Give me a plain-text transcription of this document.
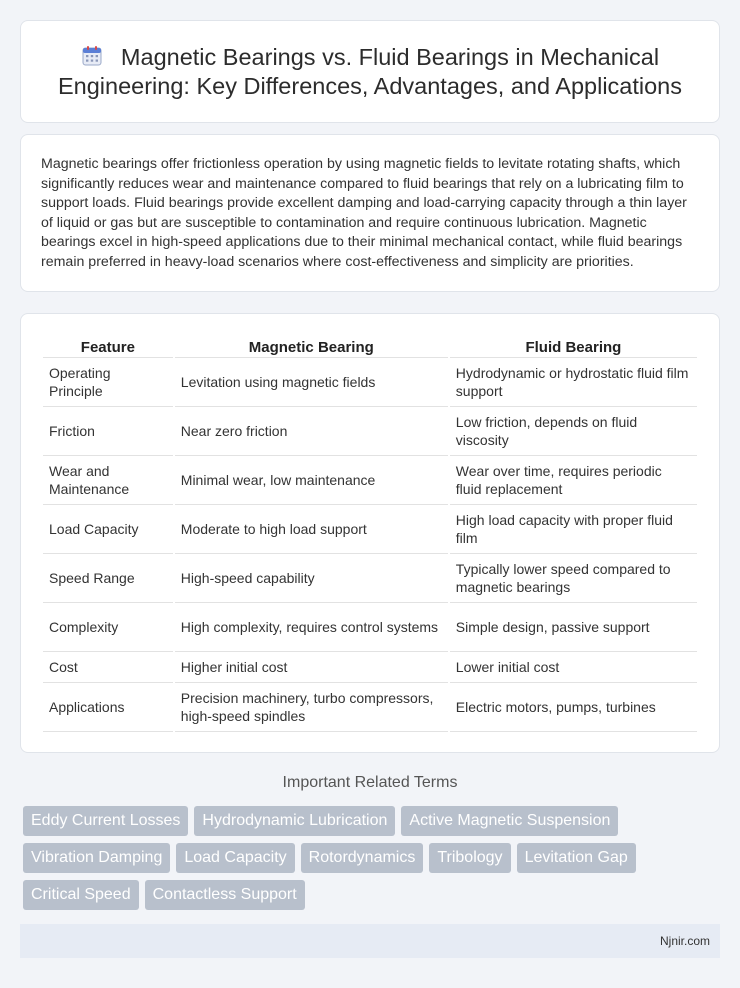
Magnetic Bearings vs. Fluid Bearings in Mechanical Engineering: Key Differences, Advantages, and Applications

Magnetic bearings offer frictionless operation by using magnetic fields to levitate rotating shafts, which significantly reduces wear and maintenance compared to fluid bearings that rely on a lubricating film to support loads. Fluid bearings provide excellent damping and load-carrying capacity through a thin layer of liquid or gas but are susceptible to contamination and require continuous lubrication. Magnetic bearings excel in high-speed applications due to their minimal mechanical contact, while fluid bearings remain preferred in heavy-load scenarios where cost-effectiveness and simplicity are priorities.

Feature	Magnetic Bearing	Fluid Bearing
Operating Principle	Levitation using magnetic fields	Hydrodynamic or hydrostatic fluid film support
Friction	Near zero friction	Low friction, depends on fluid viscosity
Wear and Maintenance	Minimal wear, low maintenance	Wear over time, requires periodic fluid replacement
Load Capacity	Moderate to high load support	High load capacity with proper fluid film
Speed Range	High-speed capability	Typically lower speed compared to magnetic bearings
Complexity	High complexity, requires control systems	Simple design, passive support
Cost	Higher initial cost	Lower initial cost
Applications	Precision machinery, turbo compressors, high-speed spindles	Electric motors, pumps, turbines
Important Related Terms
Eddy Current Losses	Hydrodynamic Lubrication	Active Magnetic Suspension
Vibration Damping	Load Capacity	Rotordynamics	Tribology	Levitation Gap
Critical Speed	Contactless Support
Njnir.com
